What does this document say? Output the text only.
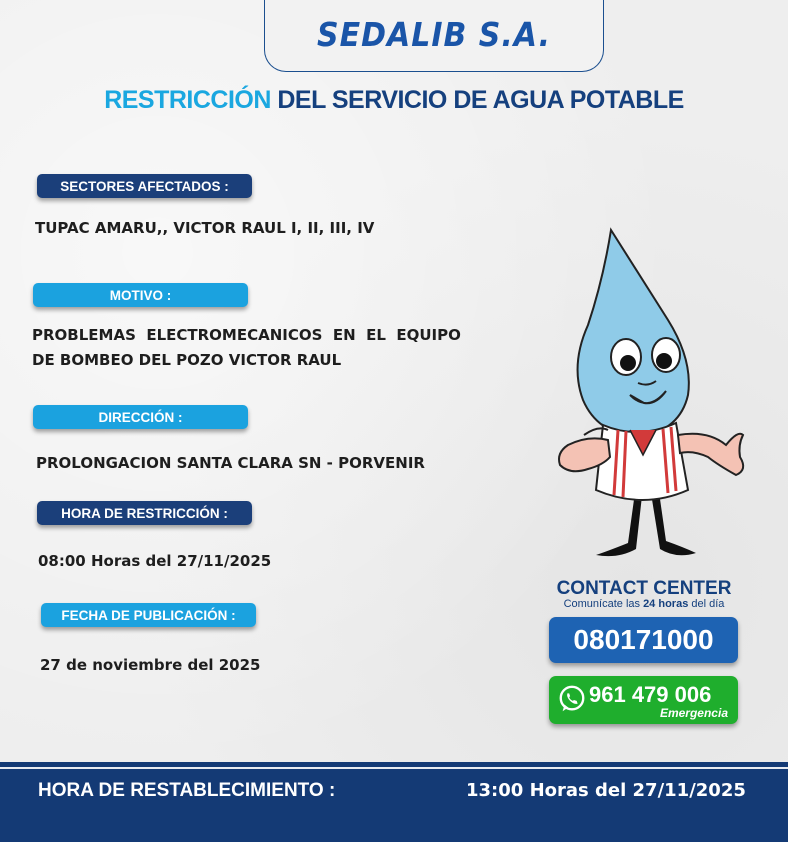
SEDALIB S.A.
RESTRICCIÓN DEL SERVICIO DE AGUA POTABLE
SECTORES AFECTADOS :
TUPAC AMARU,, VICTOR RAUL I, II, III, IV
MOTIVO :
PROBLEMAS  ELECTROMECANICOS  EN  EL  EQUIPO
DE BOMBEO DEL POZO VICTOR RAUL
DIRECCIÓN :
PROLONGACION SANTA CLARA SN - PORVENIR
HORA DE RESTRICCIÓN :
08:00 Horas del 27/11/2025
FECHA DE PUBLICACIÓN :
27 de noviembre del 2025
CONTACT CENTER
Comunícate las 24 horas del día
080171000
961 479 006
Emergencia
HORA DE RESTABLECIMIENTO :	13:00 Horas del 27/11/2025
